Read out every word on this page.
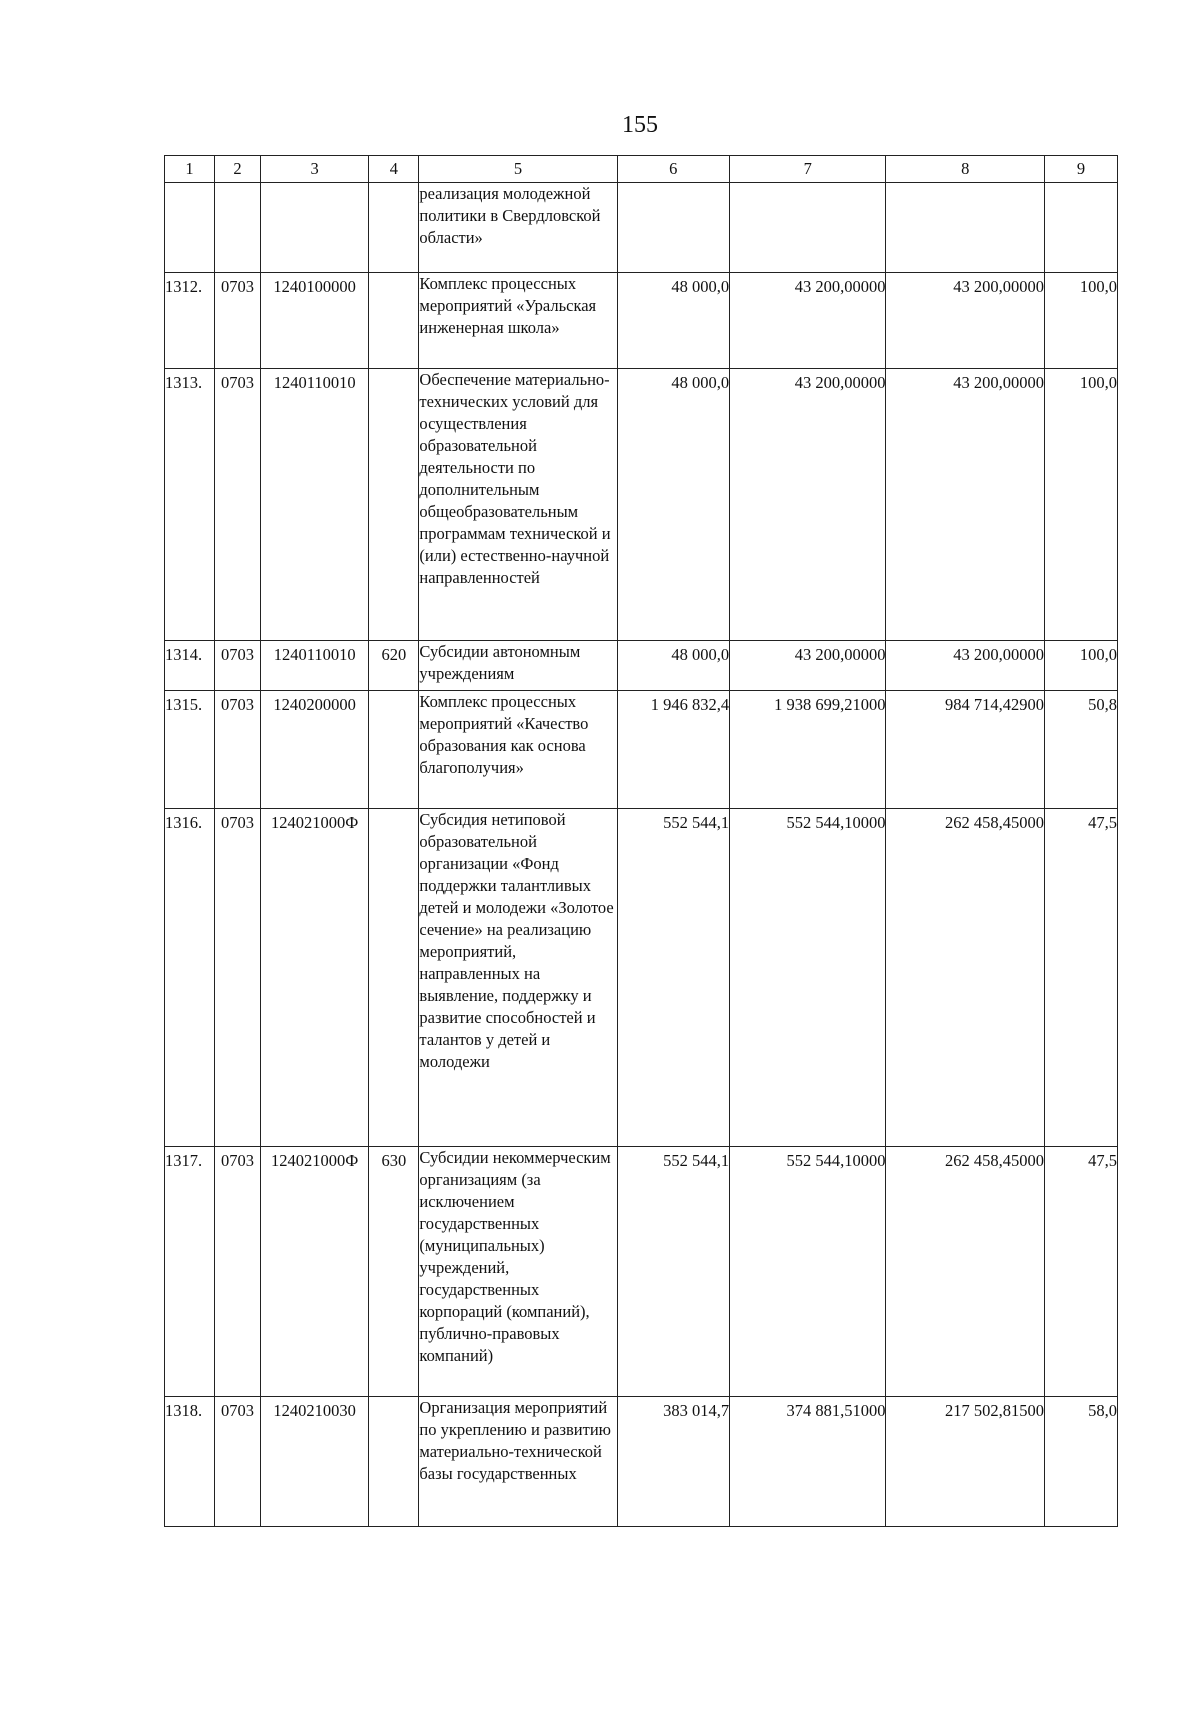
155
1	2	3	4	5	6	7	8	9
				реализация молодежной политики в Свердловской области»				

1312.	0703	1240100000		Комплекс процессных мероприятий «Уральская инженерная школа»	48 000,0	43 200,00000	43 200,00000	100,0

1313.	0703	1240110010		Обеспечение материально-технических условий для осуществления образовательной деятельности по дополнительным общеобразовательным программам технической и (или) естественно-научной направленностей	48 000,0	43 200,00000	43 200,00000	100,0

1314.	0703	1240110010	620	Субсидии автономным учреждениям	48 000,0	43 200,00000	43 200,00000	100,0

1315.	0703	1240200000		Комплекс процессных мероприятий «Качество образования как основа благополучия»	1 946 832,4	1 938 699,21000	984 714,42900	50,8

1316.	0703	124021000Ф		Субсидия нетиповой образовательной организации «Фонд поддержки талантливых детей и молодежи «Золотое сечение» на реализацию мероприятий, направленных на выявление, поддержку и развитие способностей и талантов у детей и молодежи	552 544,1	552 544,10000	262 458,45000	47,5

1317.	0703	124021000Ф	630	Субсидии некоммерческим организациям (за исключением государственных (муниципальных) учреждений, государственных корпораций (компаний), публично-правовых компаний)	552 544,1	552 544,10000	262 458,45000	47,5

1318.	0703	1240210030		Организация мероприятий по укреплению и развитию материально-технической базы государственных	383 014,7	374 881,51000	217 502,81500	58,0
